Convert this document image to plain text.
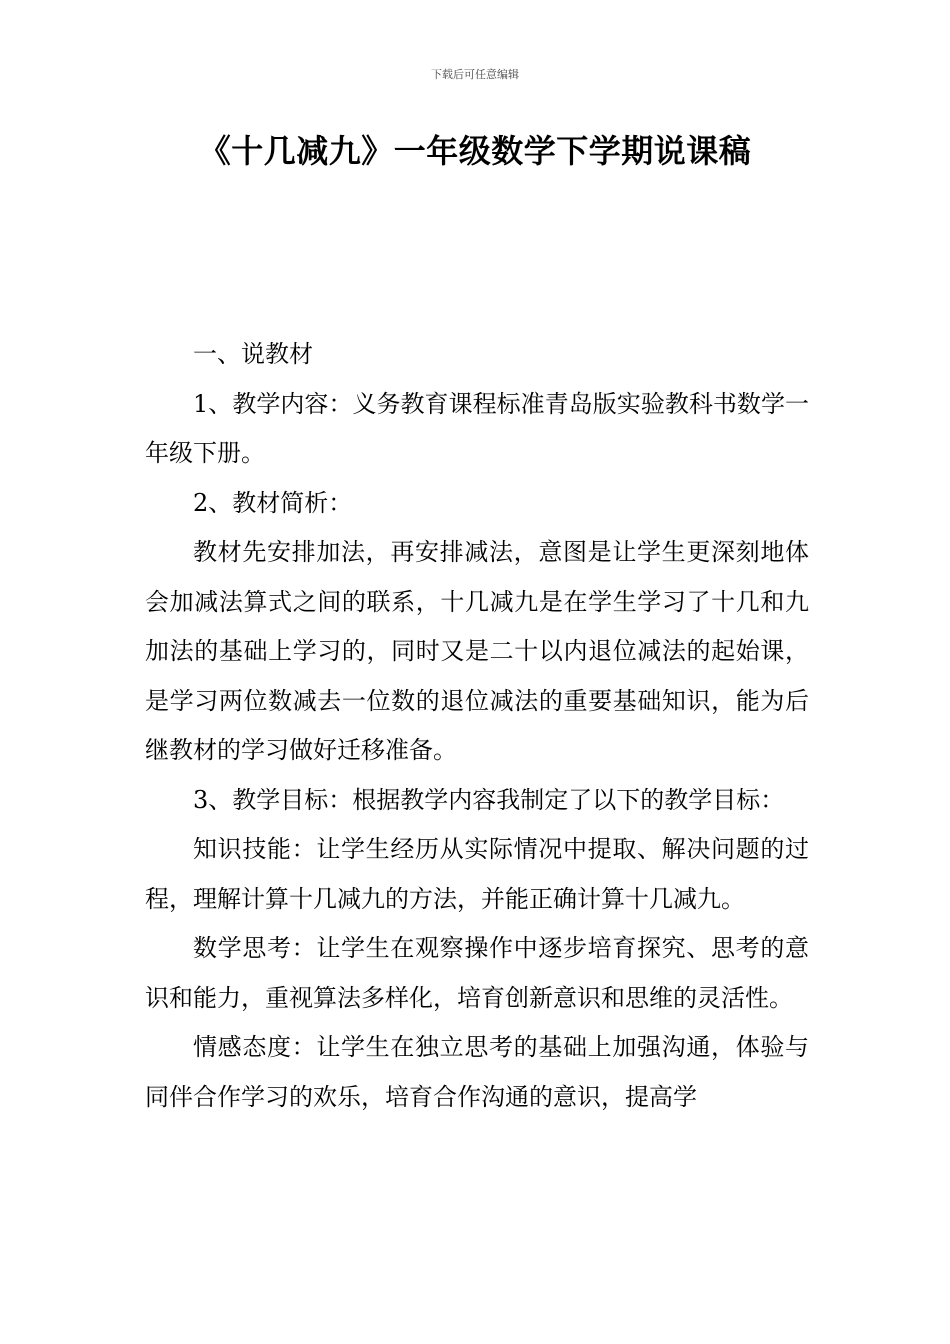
下载后可任意编辑
《十几减九》一年级数学下学期说课稿

一、说教材

1、教学内容：义务教育课程标准青岛版实验教科书数学一年级下册。

2、教材简析：

教材先安排加法，再安排减法，意图是让学生更深刻地体会加减法算式之间的联系，十几减九是在学生学习了十几和九加法的基础上学习的，同时又是二十以内退位减法的起始课，是学习两位数减去一位数的退位减法的重要基础知识，能为后继教材的学习做好迁移准备。

3、教学目标：根据教学内容我制定了以下的教学目标：

知识技能：让学生经历从实际情况中提取、解决问题的过程，理解计算十几减九的方法，并能正确计算十几减九。

数学思考：让学生在观察操作中逐步培育探究、思考的意识和能力，重视算法多样化，培育创新意识和思维的灵活性。

情感态度：让学生在独立思考的基础上加强沟通，体验与同伴合作学习的欢乐，培育合作沟通的意识，提高学
